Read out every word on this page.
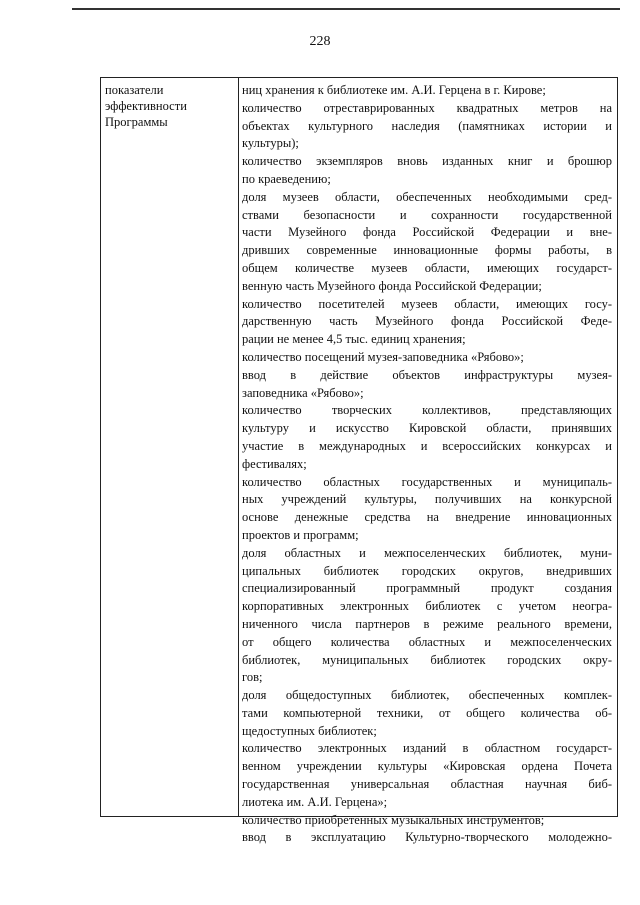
228
показатели
эффективности
Программы
ниц хранения к библиотеке им. А.И. Герцена в г. Кирове;
количество отреставрированных квадратных метров на
объектах культурного наследия (памятниках истории и
культуры);
количество экземпляров вновь изданных книг и брошюр
по краеведению;
доля музеев области, обеспеченных необходимыми сред-
ствами безопасности и сохранности государственной
части Музейного фонда Российской Федерации и вне-
дривших современные инновационные формы работы, в
общем количестве музеев области, имеющих государст-
венную часть Музейного фонда Российской Федерации;
количество посетителей музеев области, имеющих госу-
дарственную часть Музейного фонда Российской Феде-
рации не менее 4,5 тыс. единиц хранения;
количество посещений музея-заповедника «Рябово»;
ввод в действие объектов инфраструктуры музея-
заповедника «Рябово»;
количество творческих коллективов, представляющих
культуру и искусство Кировской области, принявших
участие в международных и всероссийских конкурсах и
фестивалях;
количество областных государственных и муниципаль-
ных учреждений культуры, получивших на конкурсной
основе денежные средства на внедрение инновационных
проектов и программ;
доля областных и межпоселенческих библиотек, муни-
ципальных библиотек городских округов, внедривших
специализированный программный продукт создания
корпоративных электронных библиотек с учетом неогра-
ниченного числа партнеров в режиме реального времени,
от общего количества областных и межпоселенческих
библиотек, муниципальных библиотек городских окру-
гов;
доля общедоступных библиотек, обеспеченных комплек-
тами компьютерной техники, от общего количества об-
щедоступных библиотек;
количество электронных изданий в областном государст-
венном учреждении культуры «Кировская ордена Почета
государственная универсальная областная научная биб-
лиотека им. А.И. Герцена»;
количество приобретенных музыкальных инструментов;
ввод в эксплуатацию Культурно-творческого молодежно-
